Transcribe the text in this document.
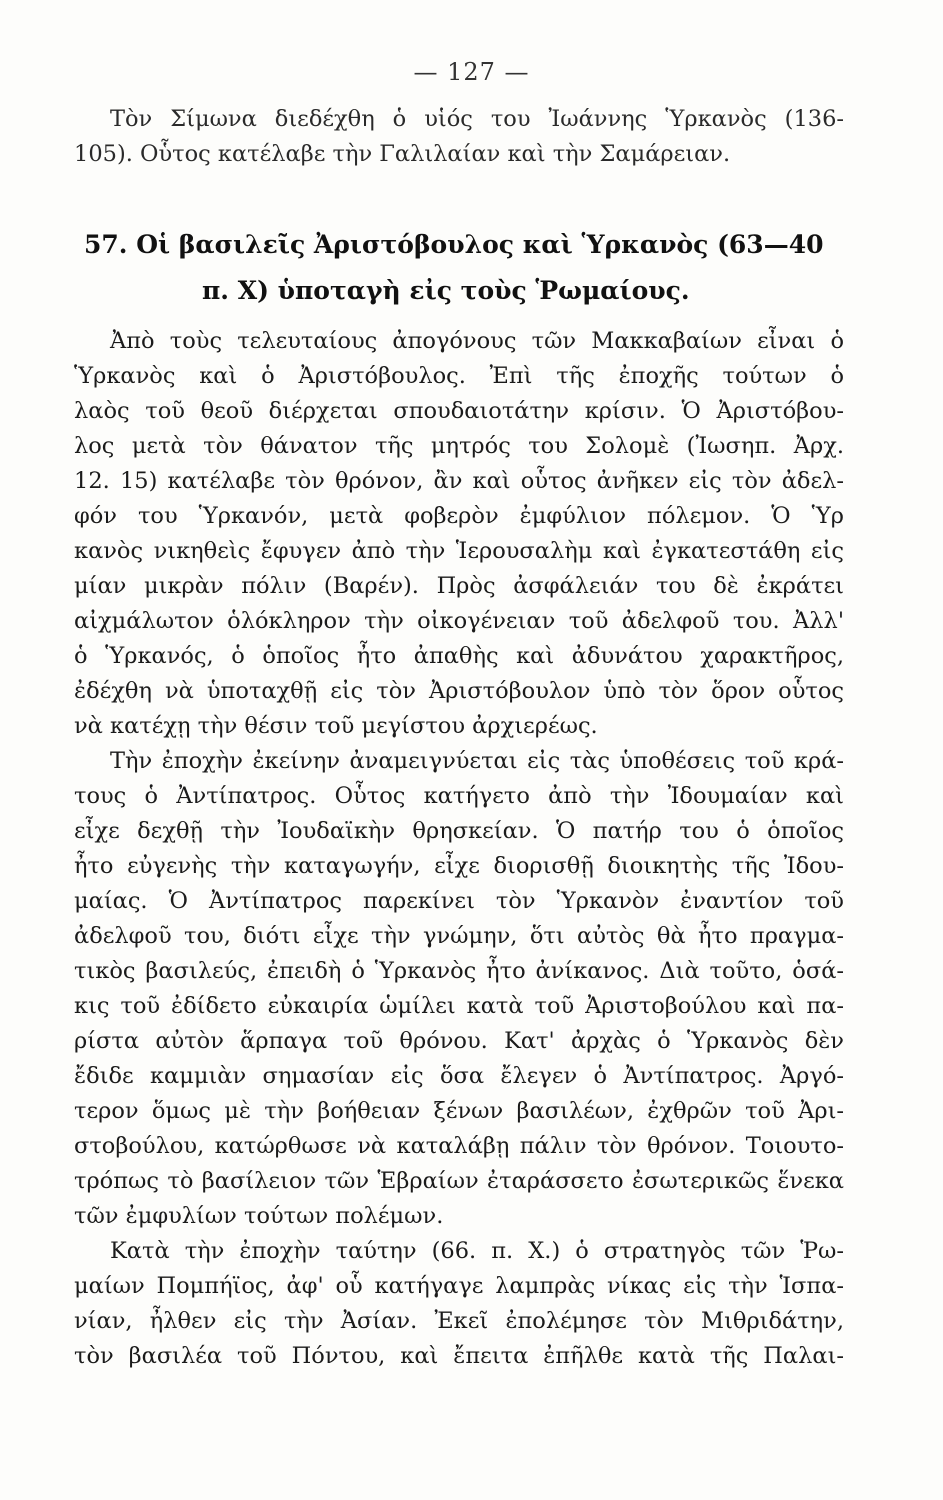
— 127 —
Τὸν Σίμωνα διεδέχθη ὁ υἱός του Ἰωάννης Ὑρκανὸς (136-
105). Οὗτος κατέλαβε τὴν Γαλιλαίαν καὶ τὴν Σαμάρειαν.
57. Οἱ βασιλεῖς Ἀριστόβουλος καὶ Ὑρκανὸς (63—40
π. Χ) ὑποταγὴ εἰς τοὺς Ῥωμαίους.
Ἀπὸ τοὺς τελευταίους ἀπογόνους τῶν Μακκαβαίων εἶναι ὁ
Ὑρκανὸς καὶ ὁ Ἀριστόβουλος. Ἐπὶ τῆς ἐποχῆς τούτων ὁ
λαὸς τοῦ θεοῦ διέρχεται σπουδαιοτάτην κρίσιν. Ὁ Ἀριστόβου-
λος μετὰ τὸν θάνατον τῆς μητρός του Σολομὲ (Ἰωσηπ. Ἀρχ.
12. 15) κατέλαβε τὸν θρόνον, ἂν καὶ οὗτος ἀνῆκεν εἰς τὸν ἀδελ-
φόν του Ὑρκανόν, μετὰ φοβερὸν ἐμφύλιον πόλεμον. Ὁ Ὑρ
κανὸς νικηθεὶς ἔφυγεν ἀπὸ τὴν Ἱερουσαλὴμ καὶ ἐγκατεστάθη εἰς
μίαν μικρὰν πόλιν (Βαρέν). Πρὸς ἀσφάλειάν του δὲ ἐκράτει
αἰχμάλωτον ὁλόκληρον τὴν οἰκογένειαν τοῦ ἀδελφοῦ του. Ἀλλ'
ὁ Ὑρκανός, ὁ ὁποῖος ἦτο ἀπαθὴς καὶ ἀδυνάτου χαρακτῆρος,
ἐδέχθη νὰ ὑποταχθῇ εἰς τὸν Ἀριστόβουλον ὑπὸ τὸν ὅρον οὗτος
νὰ κατέχῃ τὴν θέσιν τοῦ μεγίστου ἀρχιερέως.
Τὴν ἐποχὴν ἐκείνην ἀναμειγνύεται εἰς τὰς ὑποθέσεις τοῦ κρά-
τους ὁ Ἀντίπατρος. Οὗτος κατήγετο ἀπὸ τὴν Ἰδουμαίαν καὶ
εἶχε δεχθῇ τὴν Ἰουδαϊκὴν θρησκείαν. Ὁ πατήρ του ὁ ὁποῖος
ἦτο εὐγενὴς τὴν καταγωγήν, εἶχε διορισθῇ διοικητὴς τῆς Ἰδου-
μαίας. Ὁ Ἀντίπατρος παρεκίνει τὸν Ὑρκανὸν ἐναντίον τοῦ
ἀδελφοῦ του, διότι εἶχε τὴν γνώμην, ὅτι αὐτὸς θὰ ἦτο πραγμα-
τικὸς βασιλεύς, ἐπειδὴ ὁ Ὑρκανὸς ἦτο ἀνίκανος. Διὰ τοῦτο, ὁσά-
κις τοῦ ἐδίδετο εὐκαιρία ὡμίλει κατὰ τοῦ Ἀριστοβούλου καὶ πα-
ρίστα αὐτὸν ἅρπαγα τοῦ θρόνου. Κατ' ἀρχὰς ὁ Ὑρκανὸς δὲν
ἔδιδε καμμιὰν σημασίαν εἰς ὅσα ἔλεγεν ὁ Ἀντίπατρος. Ἀργό-
τερον ὅμως μὲ τὴν βοήθειαν ξένων βασιλέων, ἐχθρῶν τοῦ Ἀρι-
στοβούλου, κατώρθωσε νὰ καταλάβῃ πάλιν τὸν θρόνον. Τοιουτο-
τρόπως τὸ βασίλειον τῶν Ἑβραίων ἐταράσσετο ἐσωτερικῶς ἕνεκα
τῶν ἐμφυλίων τούτων πολέμων.
Κατὰ τὴν ἐποχὴν ταύτην (66. π. Χ.) ὁ στρατηγὸς τῶν Ῥω-
μαίων Πομπήϊος, ἀφ' οὗ κατήγαγε λαμπρὰς νίκας εἰς τὴν Ἱσπα-
νίαν, ἦλθεν εἰς τὴν Ἀσίαν. Ἐκεῖ ἐπολέμησε τὸν Μιθριδάτην,
τὸν βασιλέα τοῦ Πόντου, καὶ ἔπειτα ἐπῆλθε κατὰ τῆς Παλαι-
